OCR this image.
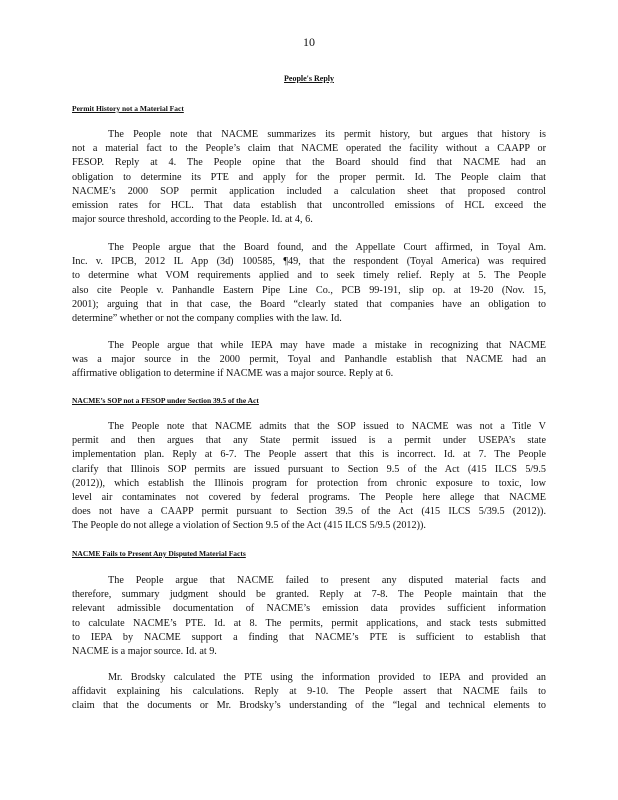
10
People's Reply
Permit History not a Material Fact

The People note that NACME summarizes its permit history, but argues that history is
not a material fact to the People’s claim that NACME operated the facility without a CAAPP or
FESOP. Reply at 4. The People opine that the Board should find that NACME had an
obligation to determine its PTE and apply for the proper permit. Id. The People claim that
NACME’s 2000 SOP permit application included a calculation sheet that proposed control
emission rates for HCL. That data establish that uncontrolled emissions of HCL exceed the
major source threshold, according to the People. Id. at 4, 6.

The People argue that the Board found, and the Appellate Court affirmed, in Toyal Am.
Inc. v. IPCB, 2012 IL App (3d) 100585, ¶49, that the respondent (Toyal America) was required
to determine what VOM requirements applied and to seek timely relief. Reply at 5. The People
also cite People v. Panhandle Eastern Pipe Line Co., PCB 99-191, slip op. at 19-20 (Nov. 15,
2001); arguing that in that case, the Board “clearly stated that companies have an obligation to
determine” whether or not the company complies with the law. Id.

The People argue that while IEPA may have made a mistake in recognizing that NACME
was a major source in the 2000 permit, Toyal and Panhandle establish that NACME had an
affirmative obligation to determine if NACME was a major source. Reply at 6.

NACME’s SOP not a FESOP under Section 39.5 of the Act

The People note that NACME admits that the SOP issued to NACME was not a Title V
permit and then argues that any State permit issued is a permit under USEPA’s state
implementation plan. Reply at 6-7. The People assert that this is incorrect. Id. at 7. The People
clarify that Illinois SOP permits are issued pursuant to Section 9.5 of the Act (415 ILCS 5/9.5
(2012)), which establish the Illinois program for protection from chronic exposure to toxic, low
level air contaminates not covered by federal programs. The People here allege that NACME
does not have a CAAPP permit pursuant to Section 39.5 of the Act (415 ILCS 5/39.5 (2012)).
The People do not allege a violation of Section 9.5 of the Act (415 ILCS 5/9.5 (2012)).

NACME Fails to Present Any Disputed Material Facts

The People argue that NACME failed to present any disputed material facts and
therefore, summary judgment should be granted. Reply at 7-8. The People maintain that the
relevant admissible documentation of NACME’s emission data provides sufficient information
to calculate NACME’s PTE. Id. at 8. The permits, permit applications, and stack tests submitted
to IEPA by NACME support a finding that NACME’s PTE is sufficient to establish that
NACME is a major source. Id. at 9.

Mr. Brodsky calculated the PTE using the information provided to IEPA and provided an
affidavit explaining his calculations. Reply at 9-10. The People assert that NACME fails to
claim that the documents or Mr. Brodsky’s understanding of the “legal and technical elements to
